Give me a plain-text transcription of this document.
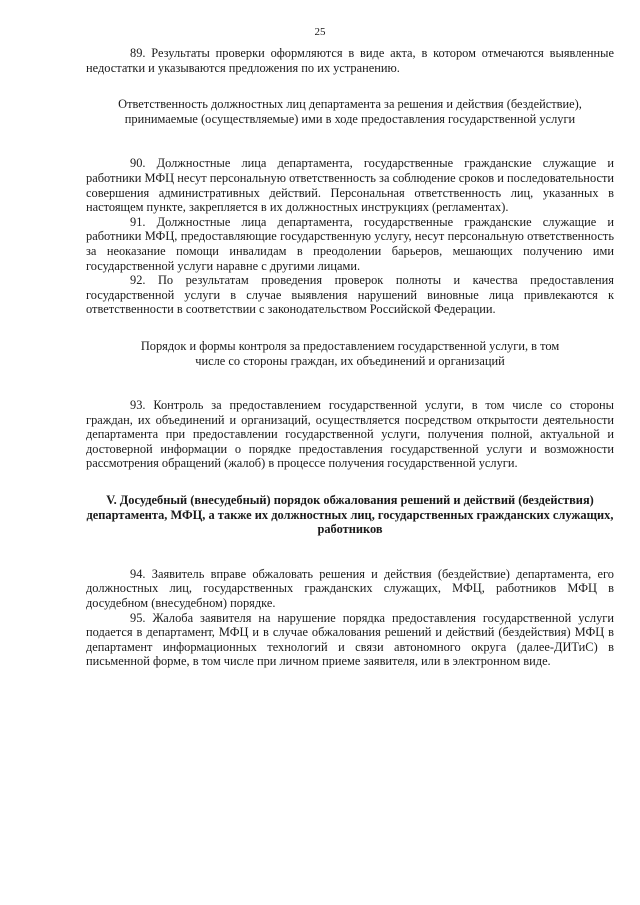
25

89. Результаты проверки оформляются в виде акта, в котором отмечаются выявленные недостатки и указываются предложения по их устранению.

Ответственность должностных лиц департамента за решения и действия (бездействие), принимаемые (осуществляемые) ими в ходе предоставления государственной услуги

90. Должностные лица департамента, государственные гражданские служащие и работники МФЦ несут персональную ответственность за соблюдение сроков и последовательности совершения административных действий. Персональная ответственность лиц, указанных в настоящем пункте, закрепляется в их должностных инструкциях (регламентах).

91. Должностные лица департамента, государственные гражданские служащие и работники МФЦ, предоставляющие государственную услугу, несут персональную ответственность за неоказание помощи инвалидам в преодолении барьеров, мешающих получению ими государственной услуги наравне с другими лицами.

92. По результатам проведения проверок полноты и качества предоставления государственной услуги в случае выявления нарушений виновные лица привлекаются к ответственности в соответствии с законодательством Российской Федерации.

Порядок и формы контроля за предоставлением государственной услуги, в том числе со стороны граждан, их объединений и организаций

93. Контроль за предоставлением государственной услуги, в том числе со стороны граждан, их объединений и организаций, осуществляется посредством открытости деятельности департамента при предоставлении государственной услуги, получения полной, актуальной и достоверной информации о порядке предоставления государственной услуги и возможности рассмотрения обращений (жалоб) в процессе получения государственной услуги.

V. Досудебный (внесудебный) порядок обжалования решений и действий (бездействия) департамента, МФЦ, а также их должностных лиц, государственных гражданских служащих, работников

94. Заявитель вправе обжаловать решения и действия (бездействие) департамента, его должностных лиц, государственных гражданских служащих, МФЦ, работников МФЦ в досудебном (внесудебном) порядке.

95. Жалоба заявителя на нарушение порядка предоставления государственной услуги подается в департамент, МФЦ и в случае обжалования решений и действий (бездействия) МФЦ в департамент информационных технологий и связи автономного округа (далее-ДИТиС) в письменной форме, в том числе при личном приеме заявителя, или в электронном виде.
